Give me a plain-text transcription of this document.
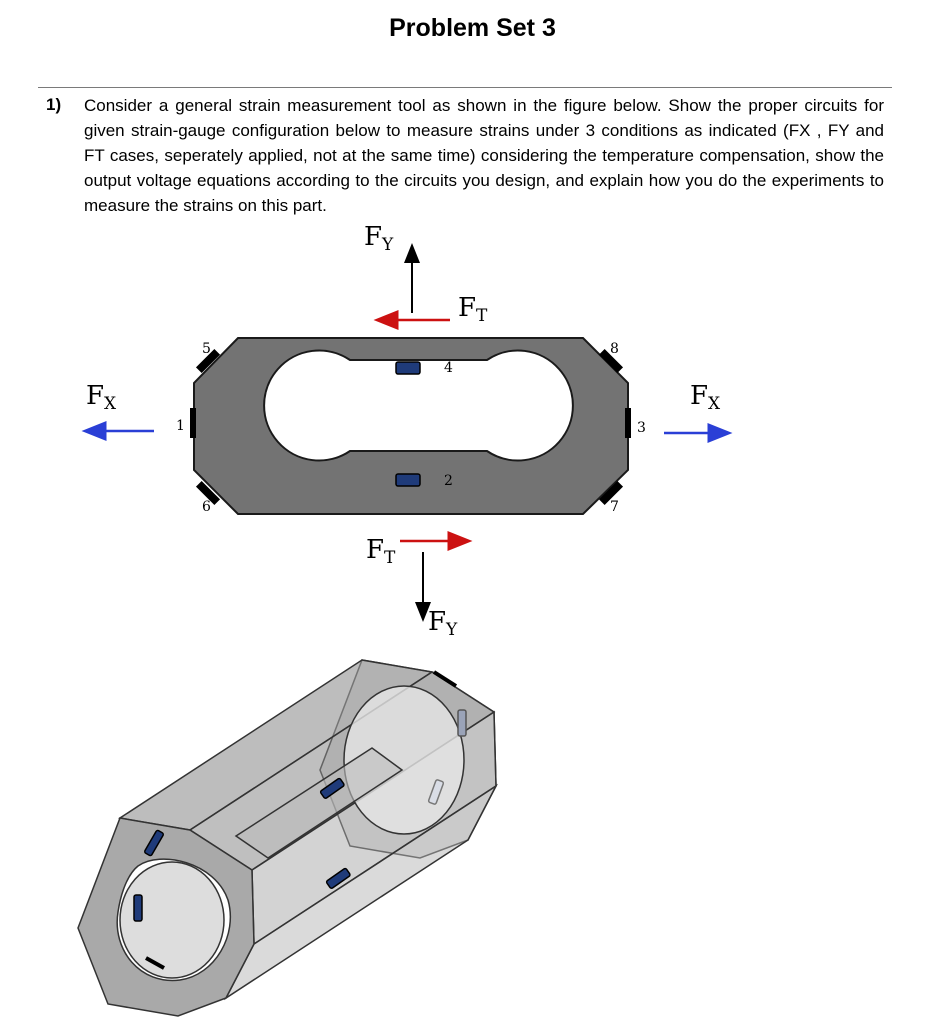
Problem Set 3
1) Consider a general strain measurement tool as shown in the figure below. Show the proper circuits for given strain-gauge configuration below to measure strains under 3 conditions as indicated (FX , FY and FT cases, seperately applied, not at the same time) considering the temperature compensation, show the output voltage equations according to the circuits you design, and explain how you do the experiments to measure the strains on this part.
1
2
3
4
5
6	7
8
FY
FT
FX	FX
FT
FY
